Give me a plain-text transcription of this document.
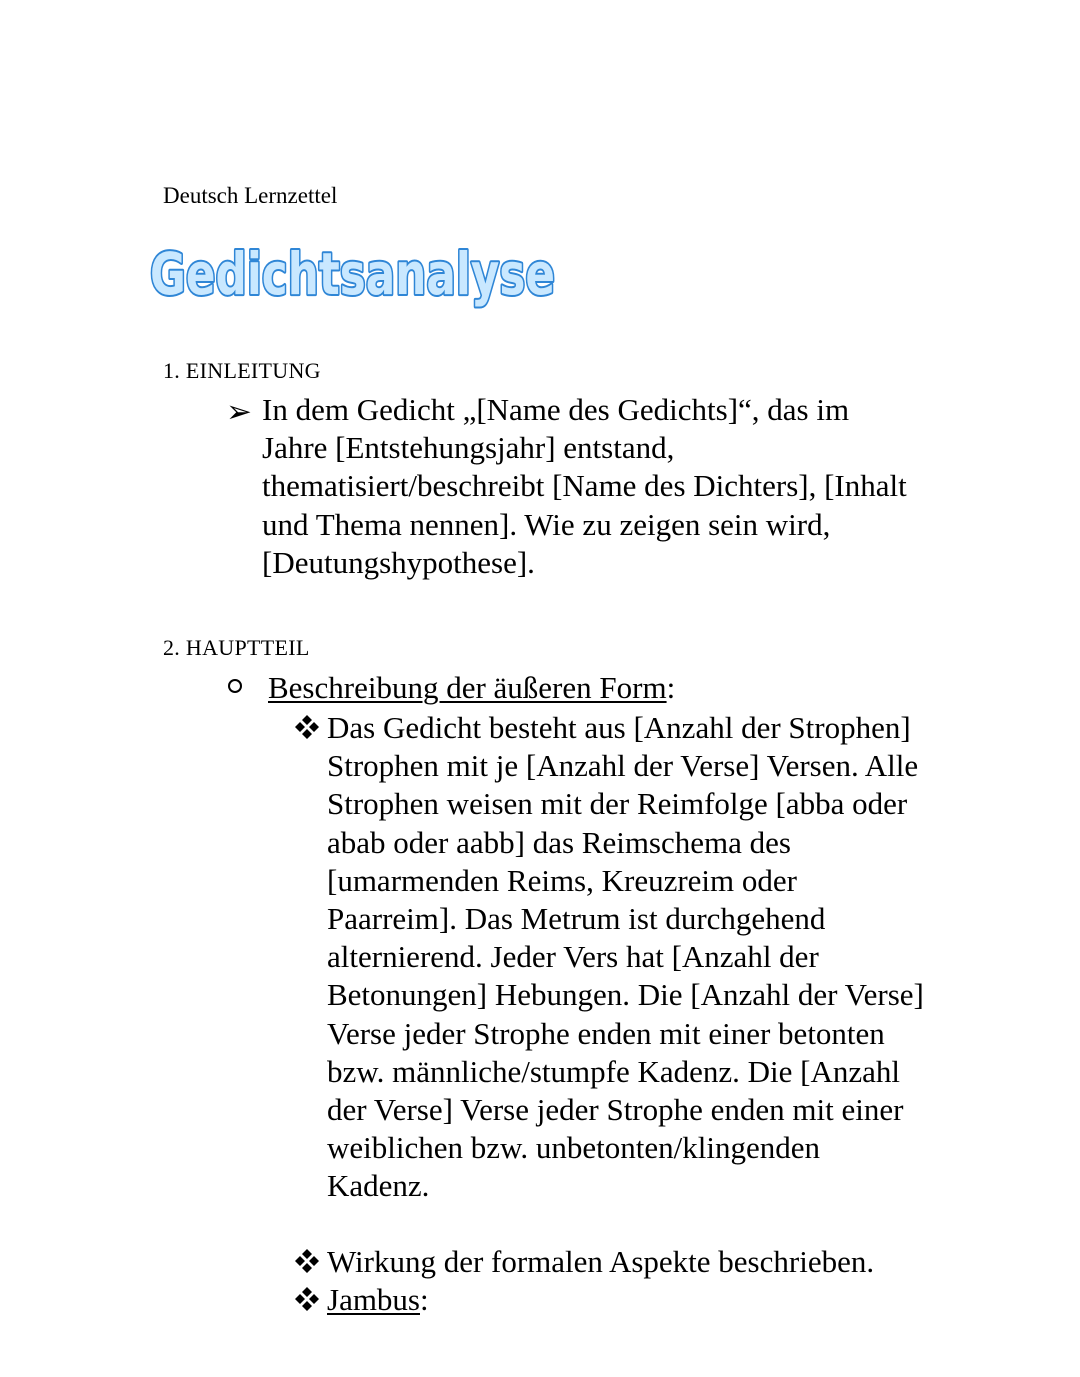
Deutsch Lernzettel
Gedichtsanalyse
1. EINLEITUNG
➢ In dem Gedicht „[Name des Gedichts]“, das im Jahre [Entstehungsjahr] entstand, thematisiert/beschreibt [Name des Dichters], [Inhalt und Thema nennen]. Wie zu zeigen sein wird, [Deutungshypothese].
2. HAUPTTEIL
Beschreibung der äußeren Form:
Das Gedicht besteht aus [Anzahl der Strophen] Strophen mit je [Anzahl der Verse] Versen. Alle Strophen weisen mit der Reimfolge [abba oder abab oder aabb] das Reimschema des [umarmenden Reims, Kreuzreim oder Paarreim]. Das Metrum ist durchgehend alternierend. Jeder Vers hat [Anzahl der Betonungen] Hebungen. Die [Anzahl der Verse] Verse jeder Strophe enden mit einer betonten bzw. männliche/stumpfe Kadenz. Die [Anzahl der Verse] Verse jeder Strophe enden mit einer weiblichen bzw. unbetonten/klingenden Kadenz.
Wirkung der formalen Aspekte beschrieben.
Jambus:
